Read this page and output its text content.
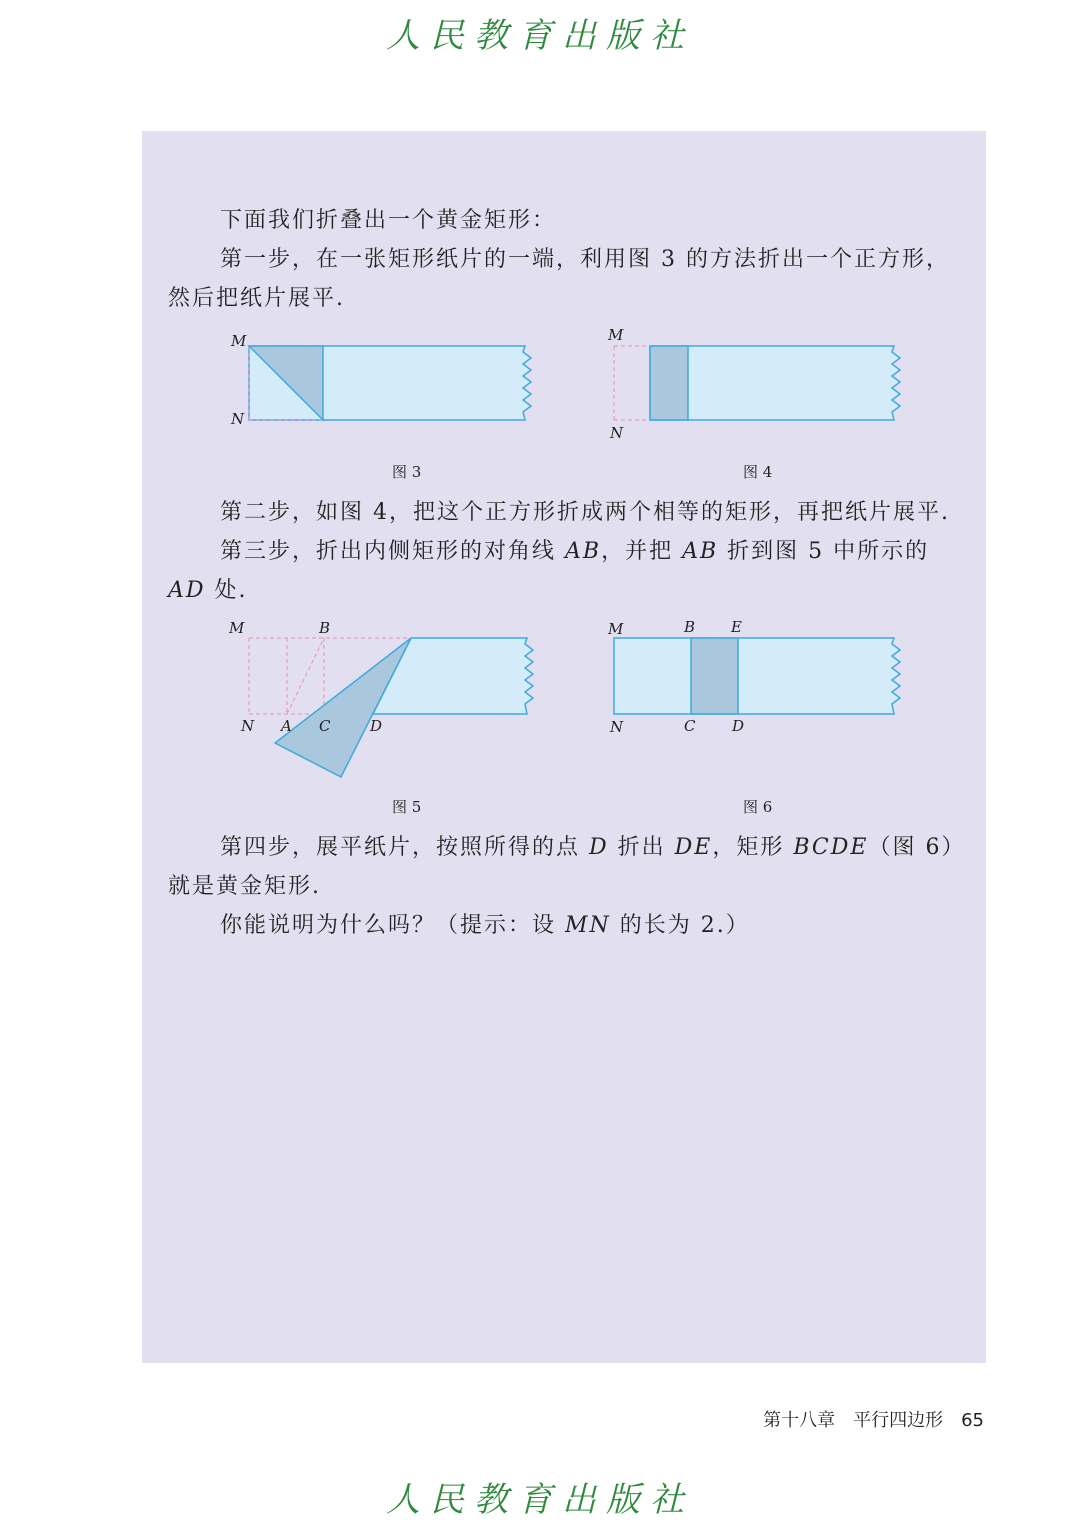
人民教育出版社
下面我们折叠出一个黄金矩形：
第一步，在一张矩形纸片的一端，利用图 3 的方法折出一个正方形，
然后把纸片展平.
M
N
图 3
M
N
图 4
第二步，如图 4，把这个正方形折成两个相等的矩形，再把纸片展平.
第三步，折出内侧矩形的对角线 AB，并把 AB 折到图 5 中所示的
AD 处.
M	B
N A C	D
图 5
M	B E
N	C D
图 6
第四步，展平纸片，按照所得的点 D 折出 DE，矩形 BCDE（图 6）
就是黄金矩形.
你能说明为什么吗？（提示：设 MN 的长为 2.）
第十八章 平行四边形 65
人民教育出版社
